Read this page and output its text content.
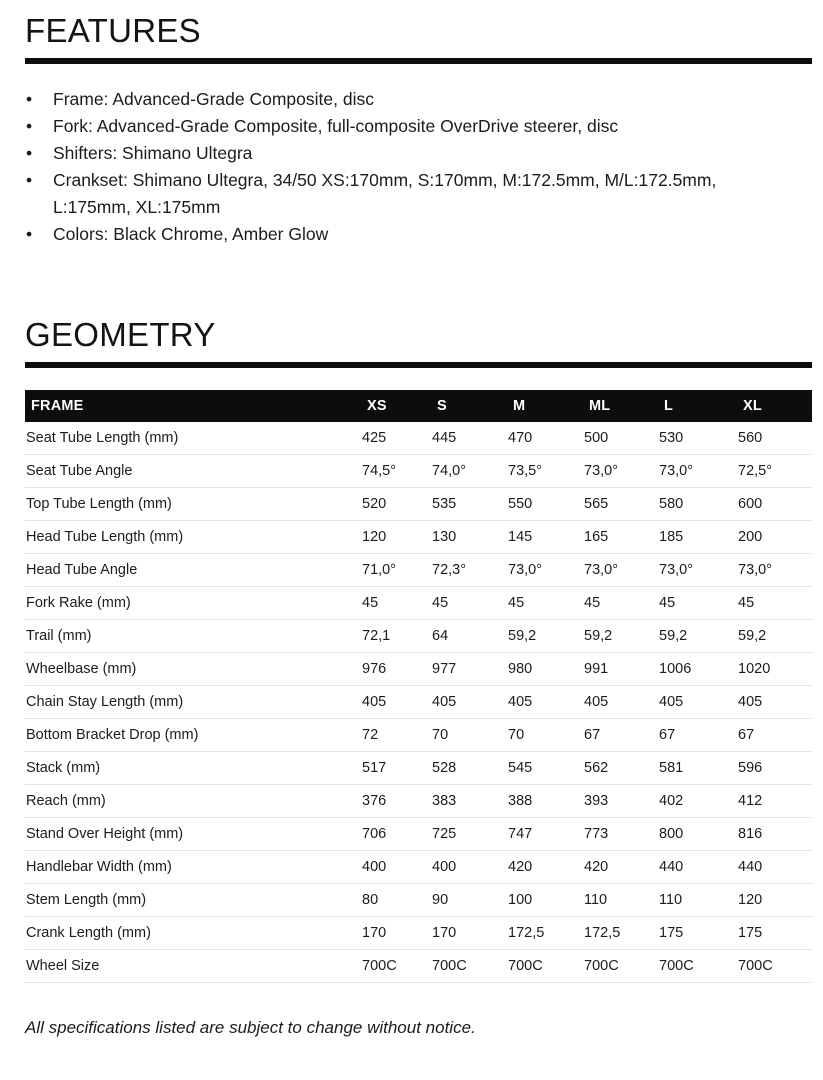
FEATURES
•	Frame: Advanced-Grade Composite, disc
•	Fork: Advanced-Grade Composite, full-composite OverDrive steerer, disc
•	Shifters: Shimano Ultegra
•	Crankset: Shimano Ultegra, 34/50 XS:170mm, S:170mm, M:172.5mm, M/L:172.5mm, L:175mm, XL:175mm
•	Colors: Black Chrome, Amber Glow
GEOMETRY
FRAME	XS	S	M	ML	L	XL
Seat Tube Length (mm)	425	445	470	500	530	560
Seat Tube Angle	74,5°	74,0°	73,5°	73,0°	73,0°	72,5°
Top Tube Length (mm)	520	535	550	565	580	600
Head Tube Length (mm)	120	130	145	165	185	200
Head Tube Angle	71,0°	72,3°	73,0°	73,0°	73,0°	73,0°
Fork Rake (mm)	45	45	45	45	45	45
Trail (mm)	72,1	64	59,2	59,2	59,2	59,2
Wheelbase (mm)	976	977	980	991	1006	1020
Chain Stay Length (mm)	405	405	405	405	405	405
Bottom Bracket Drop (mm)	72	70	70	67	67	67
Stack (mm)	517	528	545	562	581	596
Reach (mm)	376	383	388	393	402	412
Stand Over Height (mm)	706	725	747	773	800	816
Handlebar Width (mm)	400	400	420	420	440	440
Stem Length (mm)	80	90	100	110	110	120
Crank Length (mm)	170	170	172,5	172,5	175	175
Wheel Size	700C	700C	700C	700C	700C	700C
All specifications listed are subject to change without notice.
